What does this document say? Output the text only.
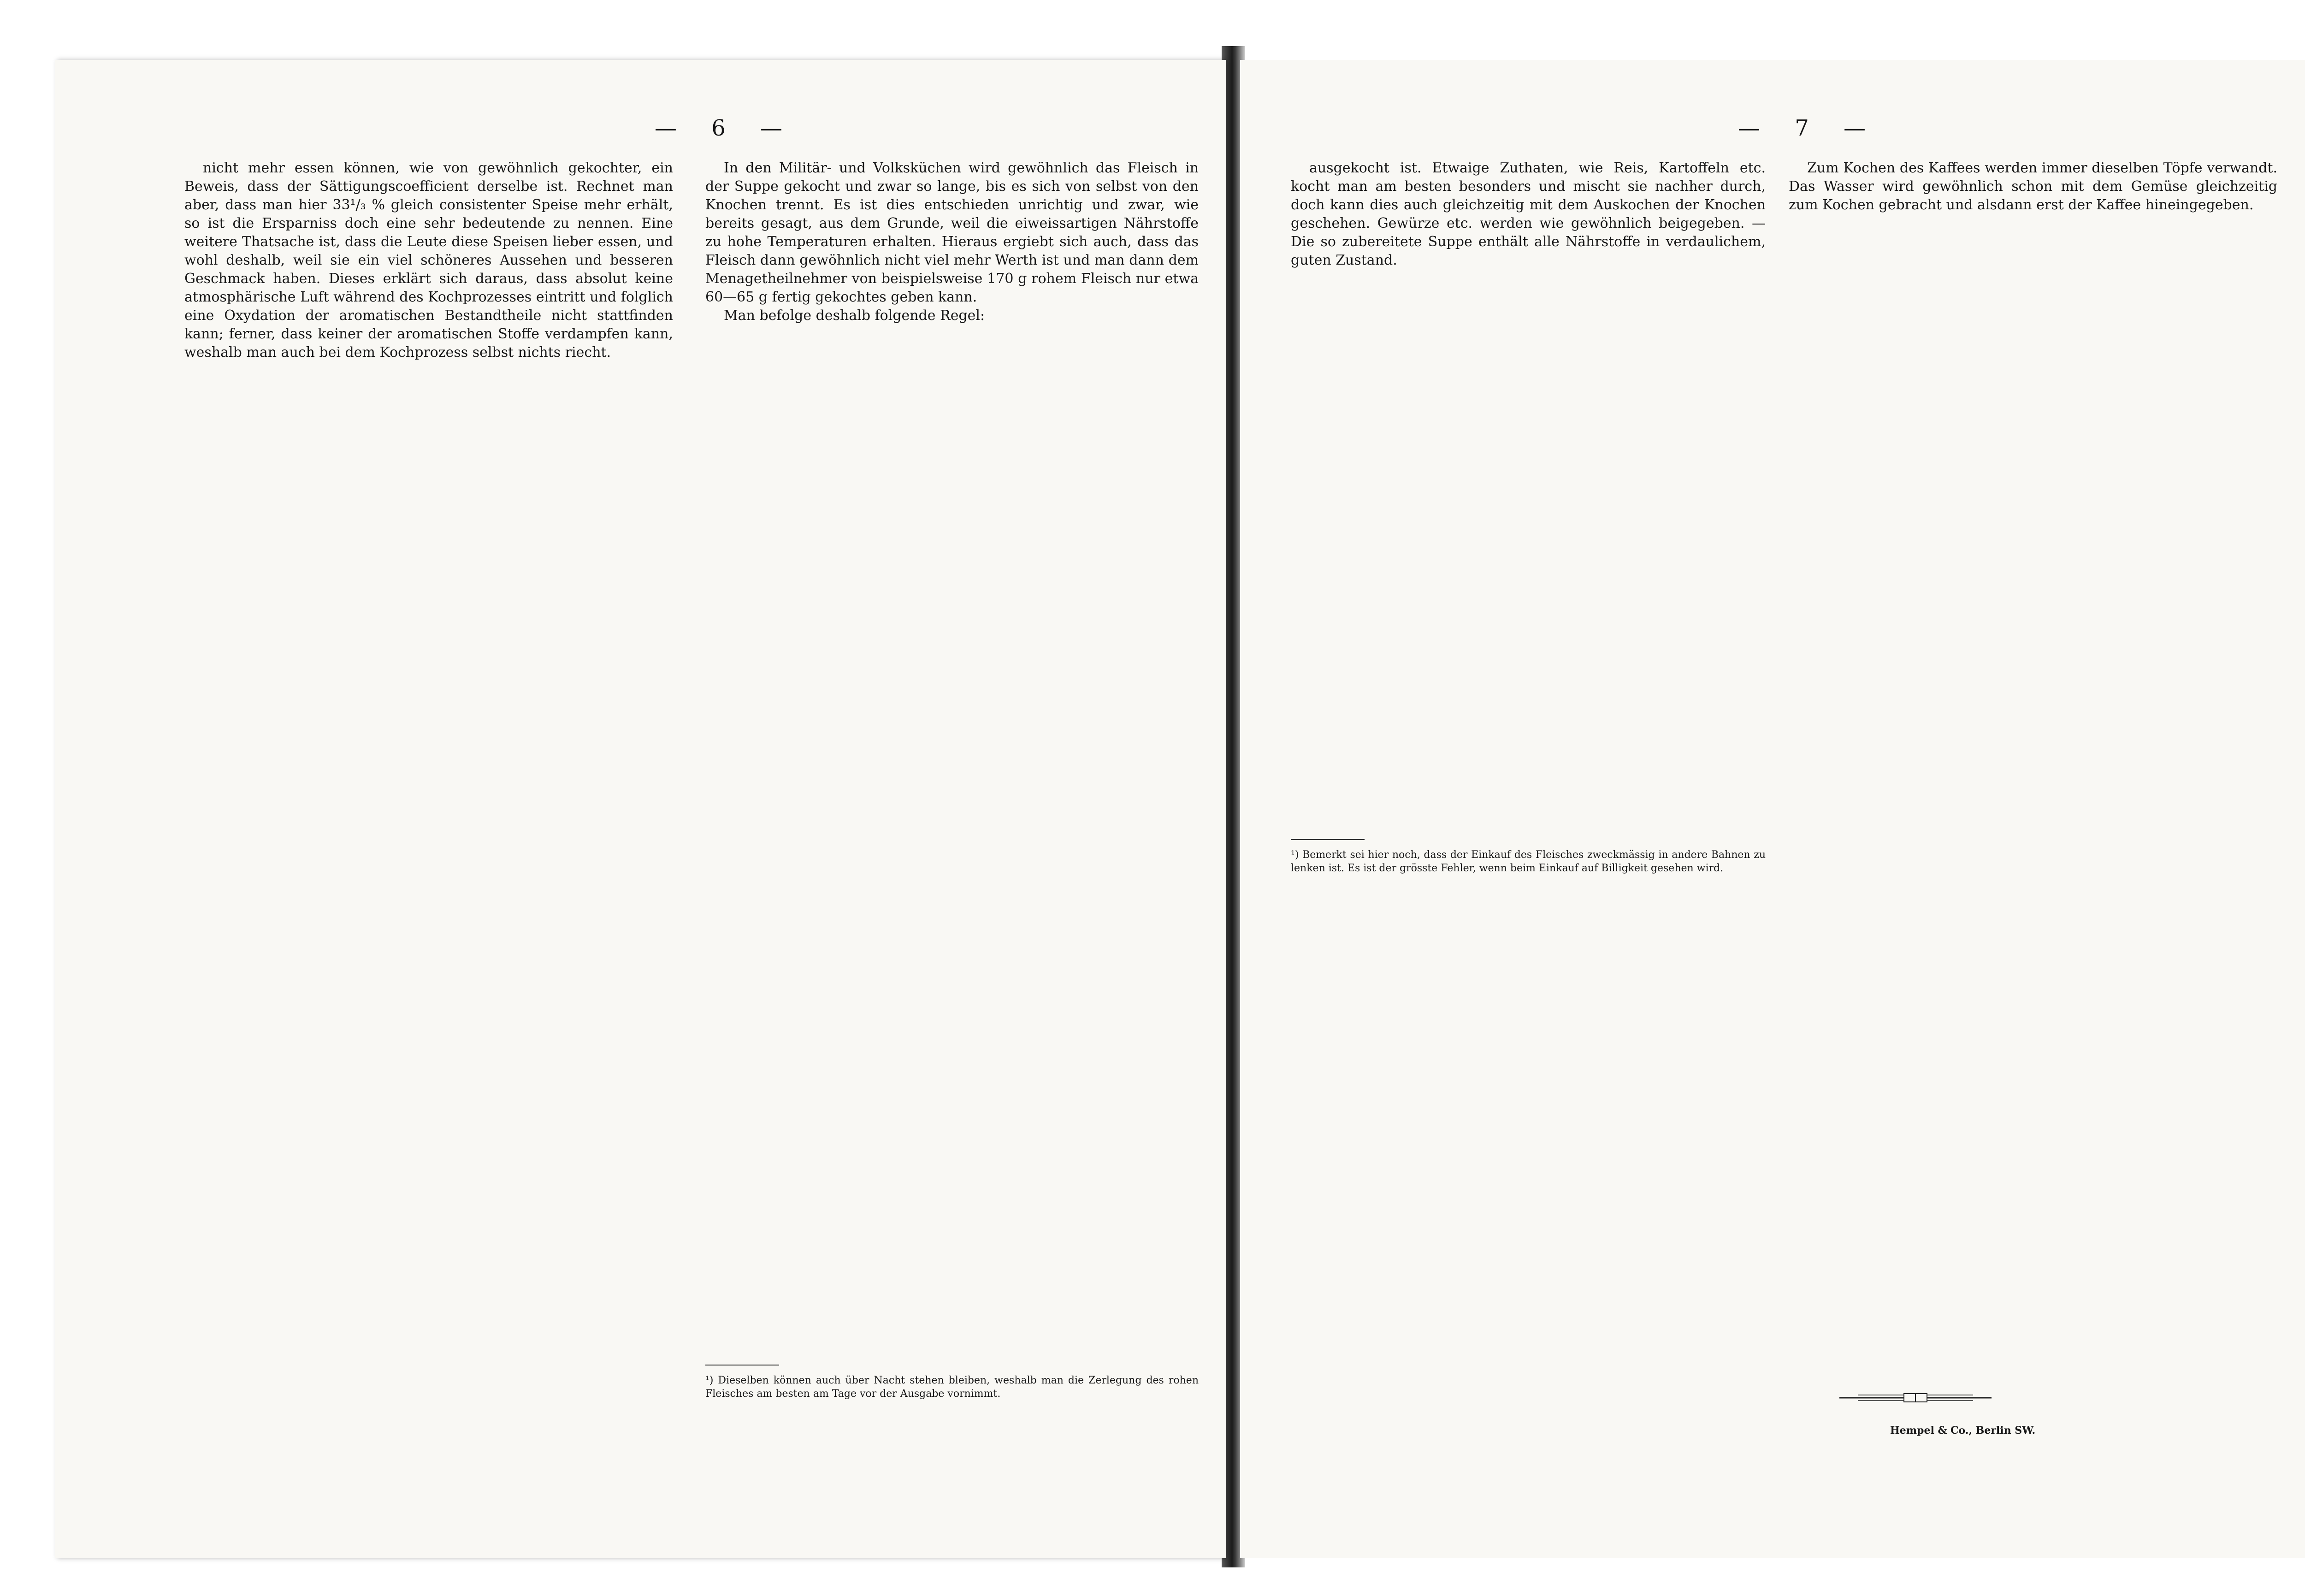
— 6 —

nicht mehr essen können, wie von gewöhnlich gekochter, ein Beweis, dass der Sättigungscoefficient derselbe ist. Rechnet man aber, dass man hier 33¹/₃ % gleich consistenter Speise mehr erhält, so ist die Ersparniss doch eine sehr bedeutende zu nennen. Eine weitere Thatsache ist, dass die Leute diese Speisen lieber essen, und wohl deshalb, weil sie ein viel schöneres Aussehen und besseren Geschmack haben. Dieses erklärt sich daraus, dass absolut keine atmosphärische Luft während des Kochprozesses eintritt und folglich eine Oxydation der aromatischen Bestandtheile nicht stattfinden kann; ferner, dass keiner der aromatischen Stoffe verdampfen kann, weshalb man auch bei dem Kochprozess selbst nichts riecht.

In den Militär- und Volksküchen wird gewöhnlich das Fleisch in der Suppe gekocht und zwar so lange, bis es sich von selbst von den Knochen trennt. Es ist dies entschieden unrichtig und zwar, wie bereits gesagt, aus dem Grunde, weil die eiweissartigen Nährstoffe zu hohe Temperaturen erhalten. Hieraus ergiebt sich auch, dass das Fleisch dann gewöhnlich nicht viel mehr Werth ist und man dann dem Menagetheilnehmer von beispielsweise 170 g rohem Fleisch nur etwa 60—65 g fertig gekochtes geben kann.

Man befolge deshalb folgende Regel:

¹) Dieselben können auch über Nacht stehen bleiben, weshalb man die Zerlegung des rohen Fleisches am besten am Tage vor der Ausgabe vornimmt.
— 7 —

ausgekocht ist. Etwaige Zuthaten, wie Reis, Kartoffeln etc. kocht man am besten besonders und mischt sie nachher durch, doch kann dies auch gleichzeitig mit dem Auskochen der Knochen geschehen. Gewürze etc. werden wie gewöhnlich beigegeben. — Die so zubereitete Suppe enthält alle Nährstoffe in verdaulichem, guten Zustand.

Zum Kochen des Kaffees werden immer dieselben Töpfe verwandt. Das Wasser wird gewöhnlich schon mit dem Gemüse gleichzeitig zum Kochen gebracht und alsdann erst der Kaffee hineingegeben.

¹) Bemerkt sei hier noch, dass der Einkauf des Fleisches zweckmässig in andere Bahnen zu lenken ist. Es ist der grösste Fehler, wenn beim Einkauf auf Billigkeit gesehen wird.
Hempel & Co., Berlin SW.
